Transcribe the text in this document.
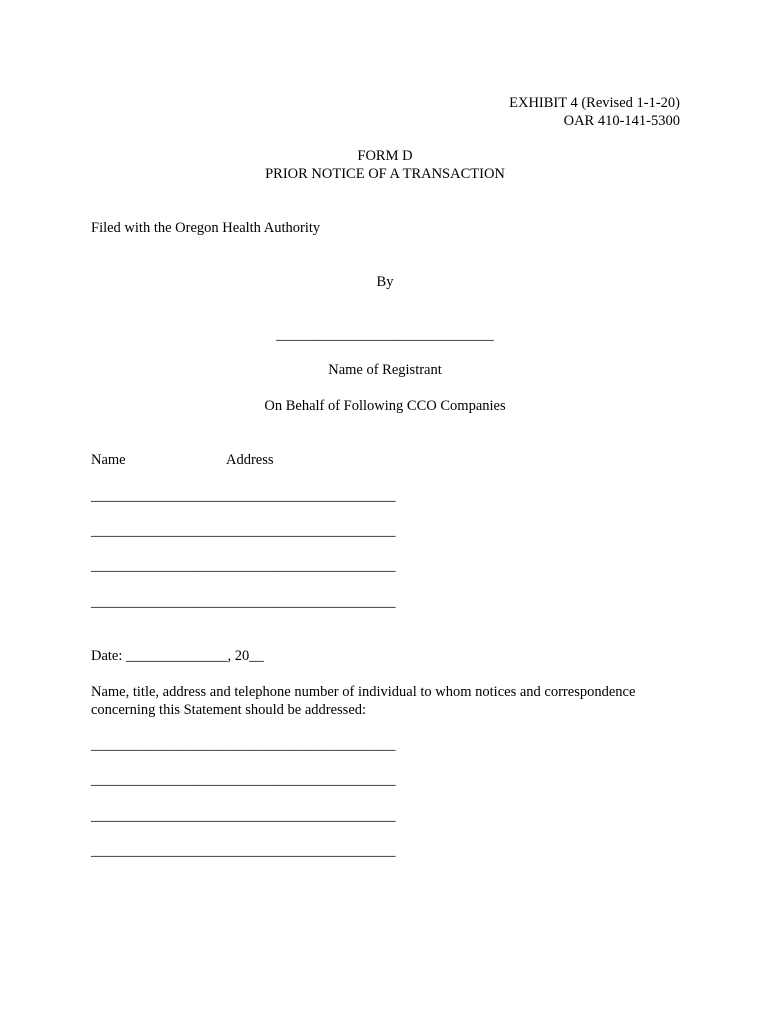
EXHIBIT 4 (Revised 1-1-20)
OAR 410-141-5300
FORM D
PRIOR NOTICE OF A TRANSACTION
Filed with the Oregon Health Authority
By
______________________________
Name of Registrant
On Behalf of Following CCO Companies
Name	Address
__________________________________________
__________________________________________
__________________________________________
__________________________________________
Date: ______________, 20__
Name, title, address and telephone number of individual to whom notices and correspondence concerning this Statement should be addressed:
__________________________________________
__________________________________________
__________________________________________
__________________________________________
